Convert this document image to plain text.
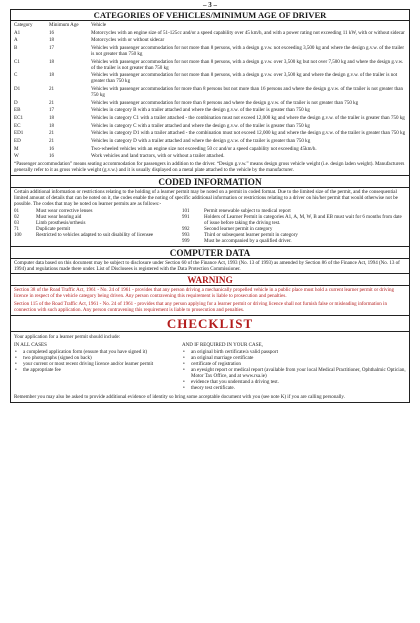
– 3 –
CATEGORIES OF VEHICLES/MINIMUM AGE OF DRIVER
Category	Minimum Age	Vehicle
A1	16	Motorcycles with an engine size of 51-125cc and/or a speed capability over 45 km/h, and with a power rating not exceeding 11 kW, with or without sidecar
A	18	Motorcycles with or without sidecar
B	17	Vehicles with passenger accommodation for not more than 8 persons, with a design g.v.w. not exceeding 3,500 kg and where the design g.v.w. of the trailer is not greater than 750 kg
C1	18	Vehicles with passenger accommodation for not more than 8 persons, with a design g.v.w. over 3,500 kg but not over 7,500 kg and where the design g.v.w. of the trailer is not greater than 750 kg
C	18	Vehicles with passenger accommodation for not more than 8 persons, with a design g.v.w. over 3,500 kg and where the design g.v.w. of the trailer is not greater than 750 kg
D1	21	Vehicles with passenger accommodation for more than 8 persons but not more than 16 persons and where the design g.v.w. of the trailer is not greater than 750 kg
D	21	Vehicles with passenger accommodation for more than 8 persons and where the design g.v.w. of the trailer is not greater than 750 kg
EB	17	Vehicles in category B with a trailer attached and where the design g.v.w. of the trailer is greater than 750 kg
EC1	18	Vehicles in category C1 with a trailer attached - the combination must not exceed 12,000 kg and where the design g.v.w. of the trailer is greater than 750 kg
EC	18	Vehicles in category C with a trailer attached and where the design g.v.w. of the trailer is greater than 750 kg
ED1	21	Vehicles in category D1 with a trailer attached - the combination must not exceed 12,000 kg and where the design g.v.w. of the trailer is greater than 750 kg
ED	21	Vehicles in category D with a trailer attached and where the design g.v.w. of the trailer is greater than 750 kg
M	16	Two-wheeled vehicles with an engine size not exceeding 50 cc and/or a speed capability not exceeding 45km/h.
W	16	Work vehicles and land tractors, with or without a trailer attached.
“Passenger accommodation” means seating accommodation for passengers in addition to the driver. “Design g.v.w.” means design gross vehicle weight (i.e. design laden weight). Manufacturers generally refer to it as gross vehicle weight (g.v.w.) and it is usually displayed on a metal plate attached to the vehicle by the manufacturer.
CODED INFORMATION
Certain additional information or restrictions relating to the holding of a learner permit may be noted on a permit in coded format. Due to the limited size of the permit, and the consequential limited amount of details that can be noted on it, the codes enable the noting of specific additional information or restrictions relating to a driver on his/her permit that would otherwise not be possible. The codes that may be noted on learner permits are as follows:-
01	Must wear corrective lenses
02	Must wear hearing aid
03	Limb prosthesis/orthesis
71	Duplicate permit
100	Restricted to vehicles adapted to suit disability of licensee
101	Permit renewable subject to medical report
991	Holders of Learner Permit in categories A1, A, M, W, B and EB must wait for 6 months from date of issue before taking the driving test.
992	Second learner permit in category
993	Third or subsequent learner permit in category
999	Must be accompanied by a qualified driver.
COMPUTER DATA
Computer data based on this document may be subject to disclosure under Section 60 of the Finance Act, 1993 (No. 13 of 1993) as amended by Section 86 of the Finance Act, 1994 (No. 13 of 1994) and regulations made there under. List of Disclosees is registered with the Data Protection Commissioner.
WARNING

Section 38 of the Road Traffic Act, 1961 - No. 24 of 1961 - provides that any person driving a mechanically propelled vehicle in a public place must hold a current learner permit or driving licence in respect of the vehicle category being driven. Any person contravening this requirement is liable to prosecution and penalties.

Section 115 of the Road Traffic Act, 1961 - No. 24 of 1961 - provides that any person applying for a learner permit or driving licence shall not furnish false or misleading information in connection with such application. Any person contravening this requirement is liable to prosecution and penalties.

CHECKLIST
Your application for a learner permit should include:
IN ALL CASES
• a completed application form (ensure that you have signed it)
• two photographs (signed on back)
• your current or most recent driving licence and/or learner permit
• the appropriate fee
AND IF REQUIRED IN YOUR CASE,
• an original birth certificate/a valid passport
• an original marriage certificate
• certificate of registration
• an eyesight report or medical report (available from your local Medical Practitioner, Ophthalmic Optician, Motor Tax Office, and at www.rsa.ie)
• evidence that you understand a driving test.
• theory test certificate.
Remember you may also be asked to provide additional evidence of identity so bring some acceptable document with you (see note K) if you are calling personally.
